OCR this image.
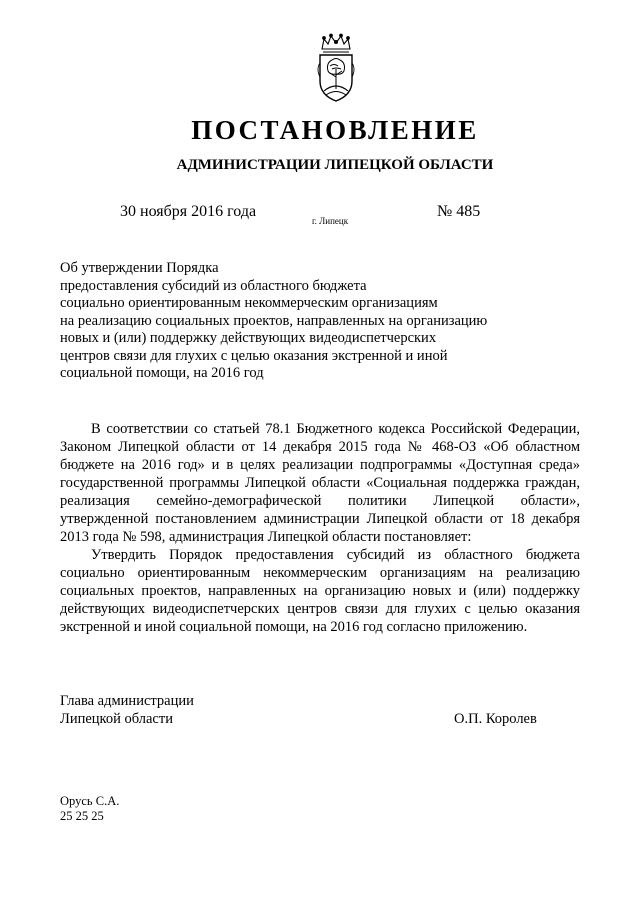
ПОСТАНОВЛЕНИЕ
АДМИНИСТРАЦИИ ЛИПЕЦКОЙ ОБЛАСТИ
30 ноября 2016 года
г. Липецк
№ 485
Об утверждении Порядка
предоставления субсидий из областного бюджета
социально ориентированным некоммерческим организациям
на реализацию социальных проектов, направленных на организацию
новых и (или) поддержку действующих видеодиспетчерских
центров связи для глухих с целью оказания экстренной и иной
социальной помощи, на 2016 год

В соответствии со статьей 78.1 Бюджетного кодекса Российской Федерации, Законом Липецкой области от 14 декабря 2015 года № 468-ОЗ «Об областном бюджете на 2016 год» и в целях реализации подпрограммы «Доступная среда» государственной программы Липецкой области «Социальная поддержка граждан, реализация семейно-демографической политики Липецкой области», утвержденной постановлением администрации Липецкой области от 18 декабря 2013 года № 598, администрация Липецкой области постановляет:

Утвердить Порядок предоставления субсидий из областного бюджета социально ориентированным некоммерческим организациям на реализацию социальных проектов, направленных на организацию новых и (или) поддержку действующих видеодиспетчерских центров связи для глухих с целью оказания экстренной и иной социальной помощи, на 2016 год согласно приложению.

Глава администрации
Липецкой области	О.П. Королев
Орусь С.А.
25 25 25
